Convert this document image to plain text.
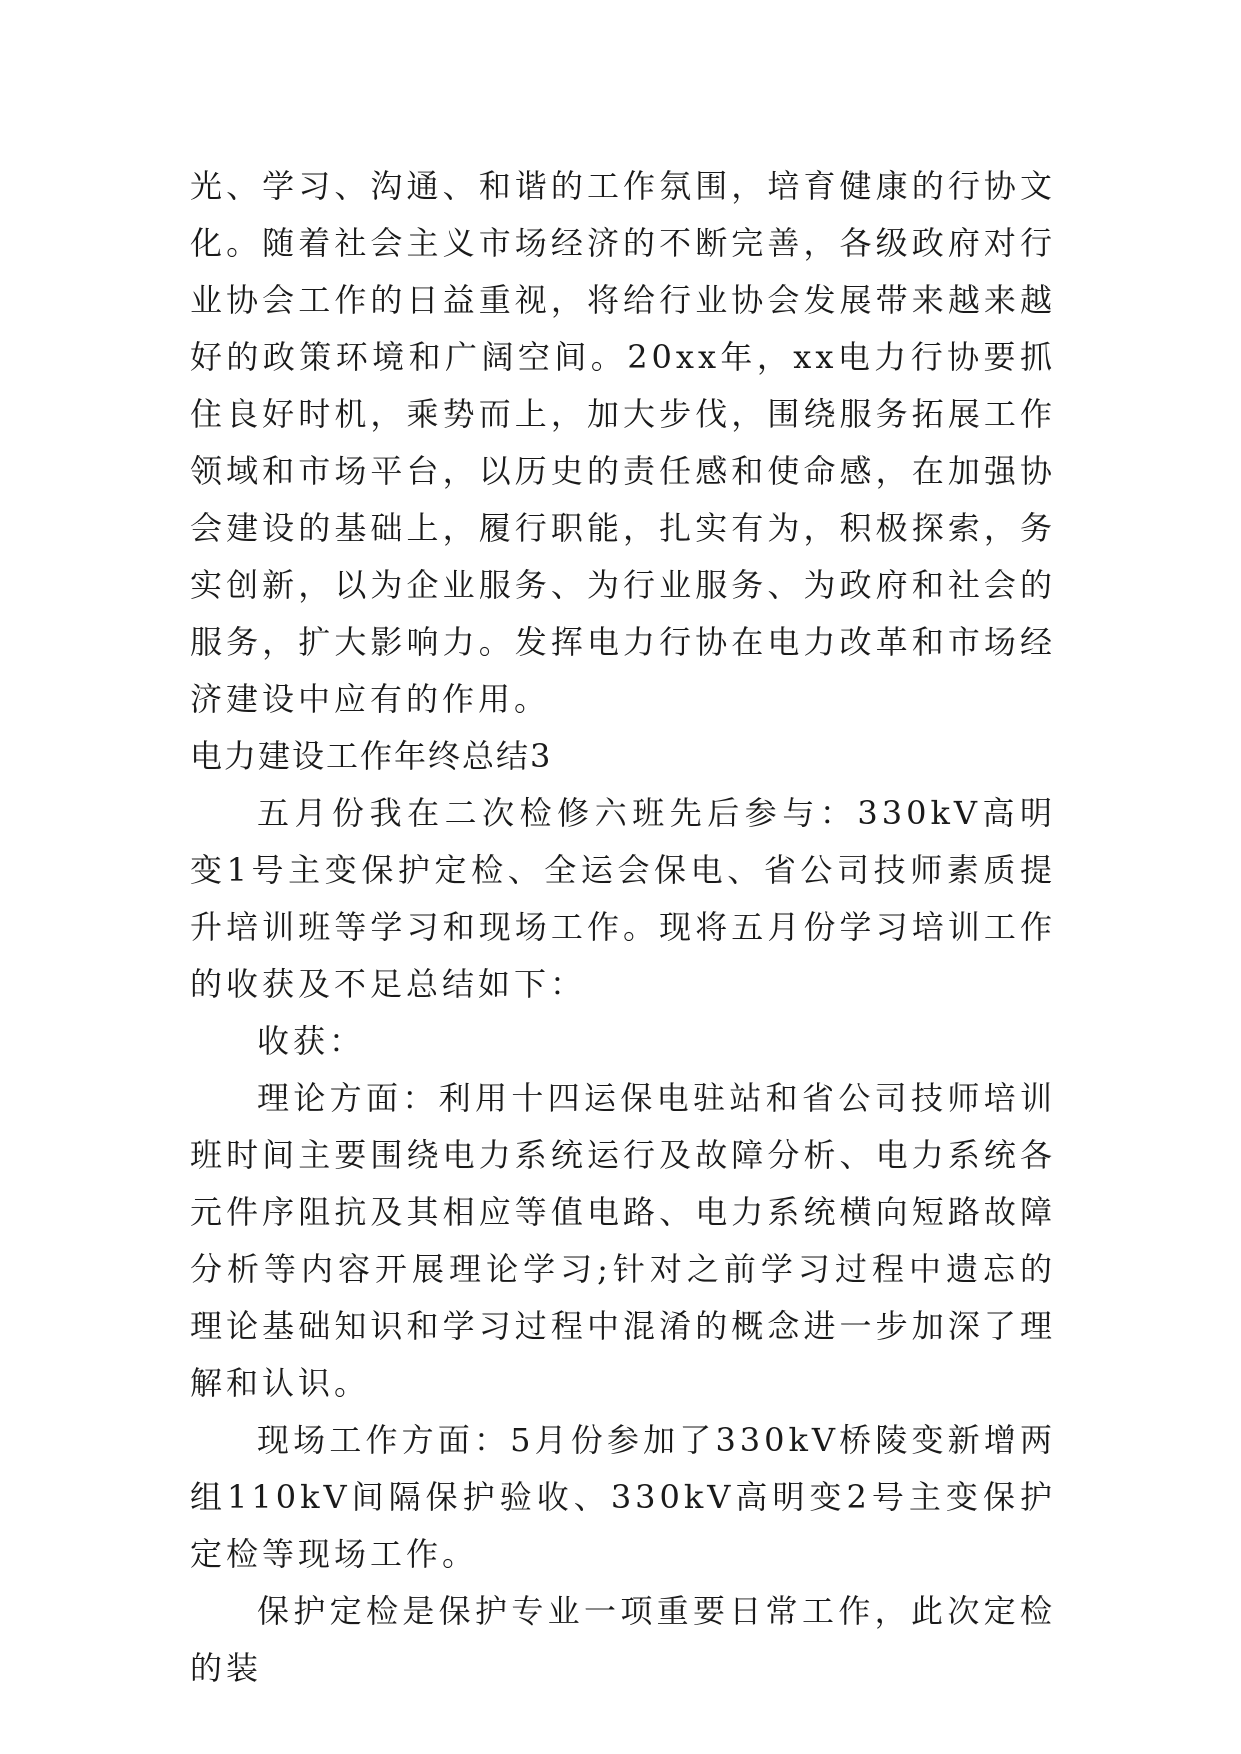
光、学习、沟通、和谐的工作氛围，培育健康的行协文化。随着社会主义市场经济的不断完善，各级政府对行业协会工作的日益重视，将给行业协会发展带来越来越好的政策环境和广阔空间。20xx年，xx电力行协要抓住良好时机，乘势而上，加大步伐，围绕服务拓展工作领域和市场平台，以历史的责任感和使命感，在加强协会建设的基础上，履行职能，扎实有为，积极探索，务实创新，以为企业服务、为行业服务、为政府和社会的服务，扩大影响力。发挥电力行协在电力改革和市场经济建设中应有的作用。

电力建设工作年终总结3

五月份我在二次检修六班先后参与：330kV高明变1号主变保护定检、全运会保电、省公司技师素质提升培训班等学习和现场工作。现将五月份学习培训工作的收获及不足总结如下：

收获：

理论方面：利用十四运保电驻站和省公司技师培训班时间主要围绕电力系统运行及故障分析、电力系统各元件序阻抗及其相应等值电路、电力系统横向短路故障分析等内容开展理论学习;针对之前学习过程中遗忘的理论基础知识和学习过程中混淆的概念进一步加深了理解和认识。

现场工作方面：5月份参加了330kV桥陵变新增两组110kV间隔保护验收、330kV高明变2号主变保护定检等现场工作。

保护定检是保护专业一项重要日常工作，此次定检的装
